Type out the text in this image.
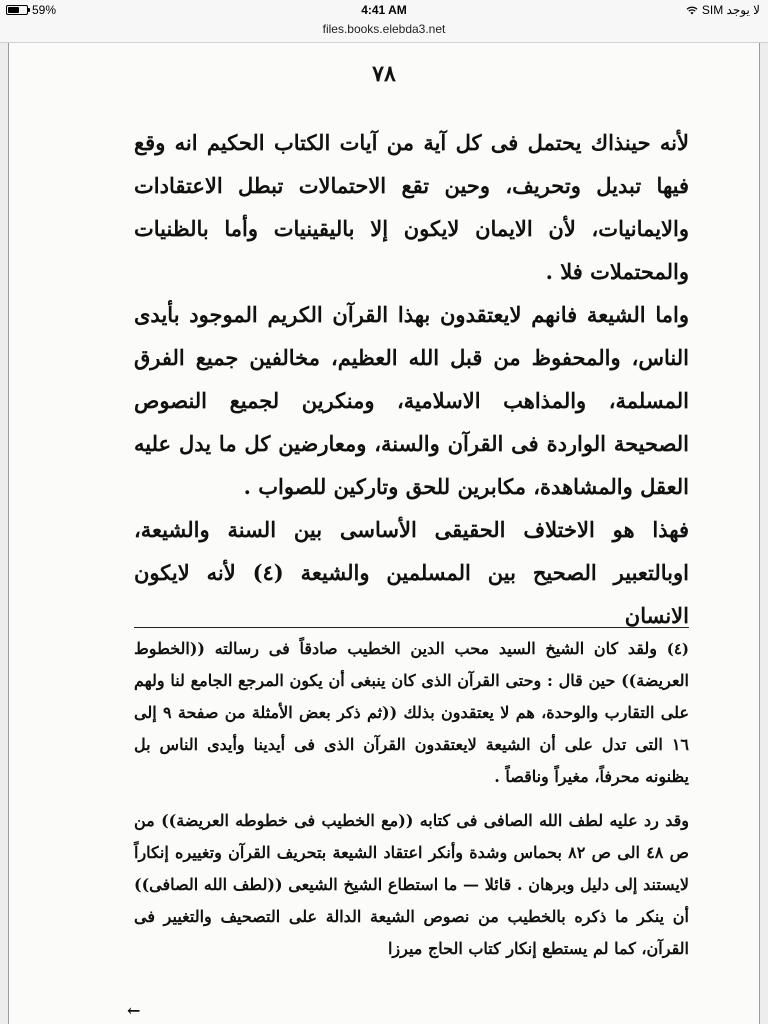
59%	4:41 AM	لا يوجد SIM
files.books.elebda3.net
٧٨

لأنه حينذاك يحتمل فى كل آية من آيات الكتاب الحكيم انه وقع فيها تبديل وتحريف، وحين تقع الاحتمالات تبطل الاعتقادات والايمانيات، لأن الايمان لايكون إلا باليقينيات وأما بالظنيات والمحتملات فلا .

واما الشيعة فانهم لايعتقدون بهذا القرآن الكريم الموجود بأيدى الناس، والمحفوظ من قبل الله العظيم، مخالفين جميع الفرق المسلمة، والمذاهب الاسلامية، ومنكرين لجميع النصوص الصحيحة الواردة فى القرآن والسنة، ومعارضين كل ما يدل عليه العقل والمشاهدة، مكابرين للحق وتاركين للصواب .

فهذا هو الاختلاف الحقيقى الأساسى بين السنة والشيعة، اوبالتعبير الصحيح بين المسلمين والشيعة (٤) لأنه لايكون الانسان

(٤) ولقد كان الشيخ السيد محب الدين الخطيب صادقاً فى رسالته ((الخطوط العريضة)) حين قال : وحتى القرآن الذى كان ينبغى أن يكون المرجع الجامع لنا ولهم على التقارب والوحدة، هم لا يعتقدون بذلك ((ثم ذكر بعض الأمثلة من صفحة ٩ إلى ١٦ التى تدل على أن الشيعة لايعتقدون القرآن الذى فى أيدينا وأيدى الناس بل يظنونه محرفاً، مغيراً وناقصاً .

وقد رد عليه لطف الله الصافى فى كتابه ((مع الخطيب فى خطوطه العريضة)) من ص ٤٨ الى ص ٨٢ بحماس وشدة وأنكر اعتقاد الشيعة بتحريف القرآن وتغييره إنكاراً لايستند إلى دليل وبرهان . قائلا — ما استطاع الشيخ الشيعى ((لطف الله الصافى)) أن ينكر ما ذكره بالخطيب من نصوص الشيعة الدالة على التصحيف والتغيير فى القرآن، كما لم يستطع إنكار كتاب الحاج ميرزا

←
